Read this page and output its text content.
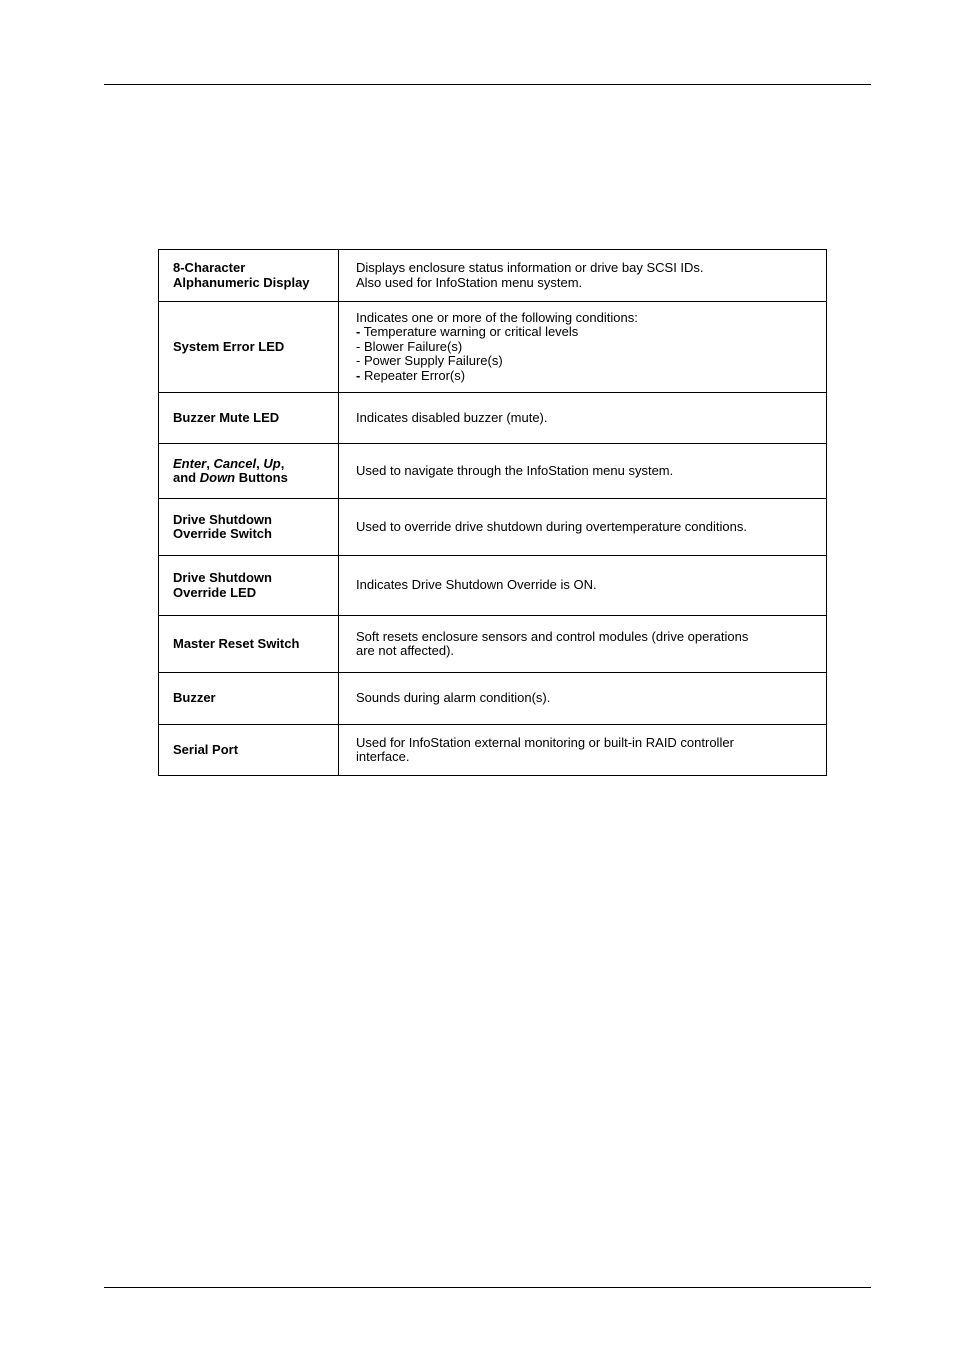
8-Character
Alphanumeric Display	Displays enclosure status information or drive bay SCSI IDs.
Also used for InfoStation menu system.

System Error LED	Indicates one or more of the following conditions:
- Temperature warning or critical levels
- Blower Failure(s)
- Power Supply Failure(s)
- Repeater Error(s)

Buzzer Mute LED	Indicates disabled buzzer (mute).

Enter, Cancel, Up,
and Down Buttons	Used to navigate through the InfoStation menu system.

Drive Shutdown
Override Switch	Used to override drive shutdown during overtemperature conditions.

Drive Shutdown
Override LED	Indicates Drive Shutdown Override is ON.

Master Reset Switch	Soft resets enclosure sensors and control modules (drive operations
are not affected).

Buzzer	Sounds during alarm condition(s).

Serial Port	Used for InfoStation external monitoring or built-in RAID controller
interface.
